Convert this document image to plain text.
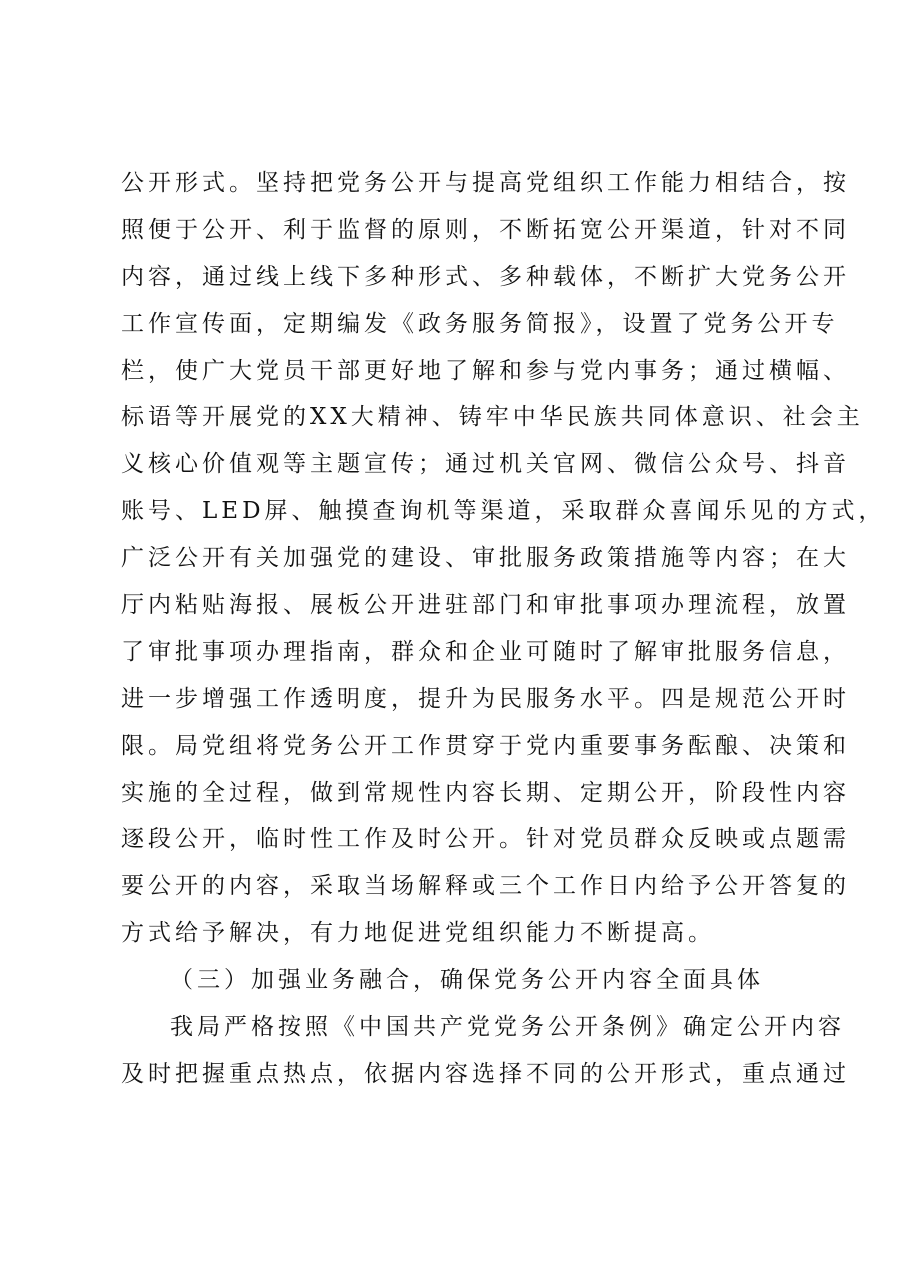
公开形式。坚持把党务公开与提高党组织工作能力相结合，按
照便于公开、利于监督的原则，不断拓宽公开渠道，针对不同
内容，通过线上线下多种形式、多种载体，不断扩大党务公开
工作宣传面，定期编发《政务服务简报》，设置了党务公开专
栏，使广大党员干部更好地了解和参与党内事务；通过横幅、
标语等开展党的XX大精神、铸牢中华民族共同体意识、社会主
义核心价值观等主题宣传；通过机关官网、微信公众号、抖音
账号、LED屏、触摸查询机等渠道，采取群众喜闻乐见的方式，
广泛公开有关加强党的建设、审批服务政策措施等内容；在大
厅内粘贴海报、展板公开进驻部门和审批事项办理流程，放置
了审批事项办理指南，群众和企业可随时了解审批服务信息，
进一步增强工作透明度，提升为民服务水平。四是规范公开时
限。局党组将党务公开工作贯穿于党内重要事务酝酿、决策和
实施的全过程，做到常规性内容长期、定期公开，阶段性内容
逐段公开，临时性工作及时公开。针对党员群众反映或点题需
要公开的内容，采取当场解释或三个工作日内给予公开答复的
方式给予解决，有力地促进党组织能力不断提高。
（三）加强业务融合，确保党务公开内容全面具体
我局严格按照《中国共产党党务公开条例》确定公开内容
及时把握重点热点，依据内容选择不同的公开形式，重点通过
